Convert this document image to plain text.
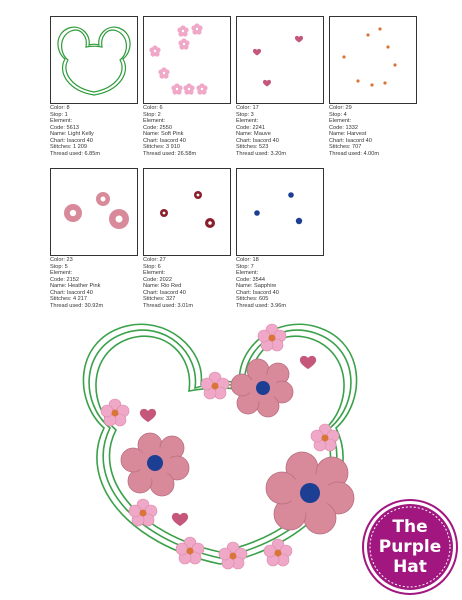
Color: 8
Stop: 1
Element:
Code: 5613
Name: Light Kelly
Chart: Isacord 40
Stitches: 1 209
Thread used: 6.85m
Color: 6
Stop: 2
Element:
Code: 2550
Name: Soft Pink
Chart: Isacord 40
Stitches: 3 910
Thread used: 26.58m
Color: 17
Stop: 3
Element:
Code: 2241
Name: Mauve
Chart: Isacord 40
Stitches: 523
Thread used: 3.20m
Color: 29
Stop: 4
Element:
Code: 1332
Name: Harvest
Chart: Isacord 40
Stitches: 707
Thread used: 4.00m
Color: 23
Stop: 5
Element:
Code: 2152
Name: Heather Pink
Chart: Isacord 40
Stitches: 4 217
Thread used: 30.92m
Color: 27
Stop: 6
Element:
Code: 2022
Name: Rio Red
Chart: Isacord 40
Stitches: 327
Thread used: 3.01m
Color: 18
Stop: 7
Element:
Code: 3544
Name: Sapphire
Chart: Isacord 40
Stitches: 605
Thread used: 3.96m
The
Purple
Hat
